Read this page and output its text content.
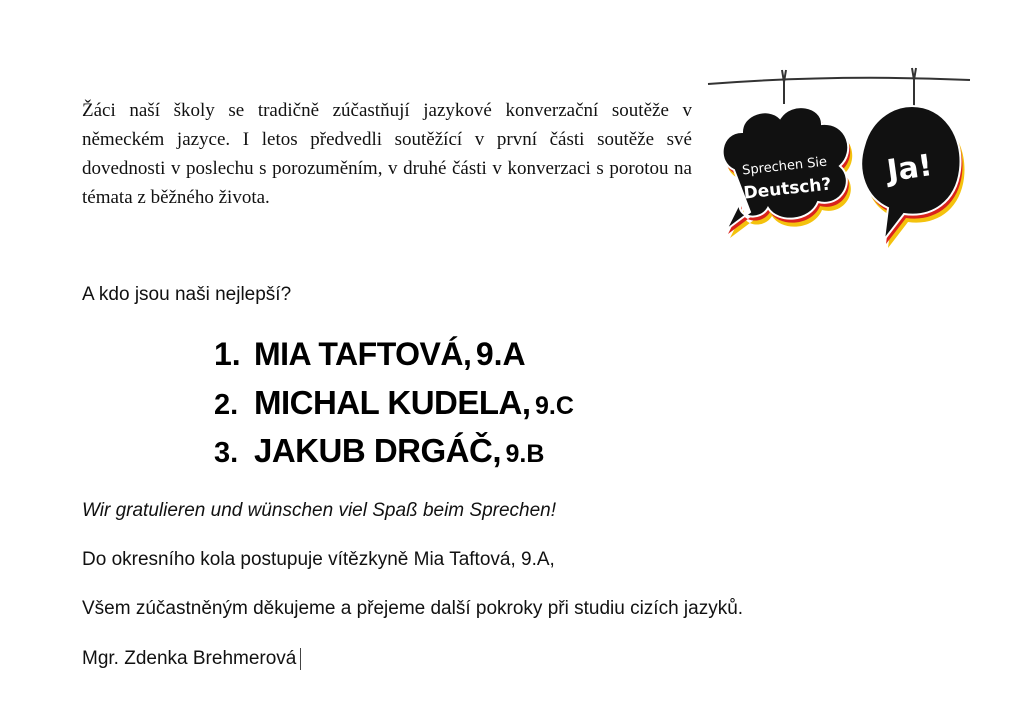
Žáci naší školy se tradičně zúčastňují jazykové konverzační soutěže v německém jazyce. I letos předvedli soutěžící v první části soutěže své dovednosti v poslechu s porozuměním, v druhé části v konverzaci s porotou na témata z běžného života.

A kdo jsou naši nejlepší?

1. MIA TAFTOVÁ,
9.A
2. MICHAL KUDELA,
9.C
3. JAKUB DRGÁČ,
9.B

Wir gratulieren und wünschen viel Spaß beim Sprechen!

Do okresního kola postupuje vítězkyně Mia Taftová, 9.A,

Všem zúčastněným děkujeme a přejeme další pokroky při studiu cizích jazyků.

Mgr. Zdenka Brehmerová

Sprechen Sie
Deutsch? Ja!
